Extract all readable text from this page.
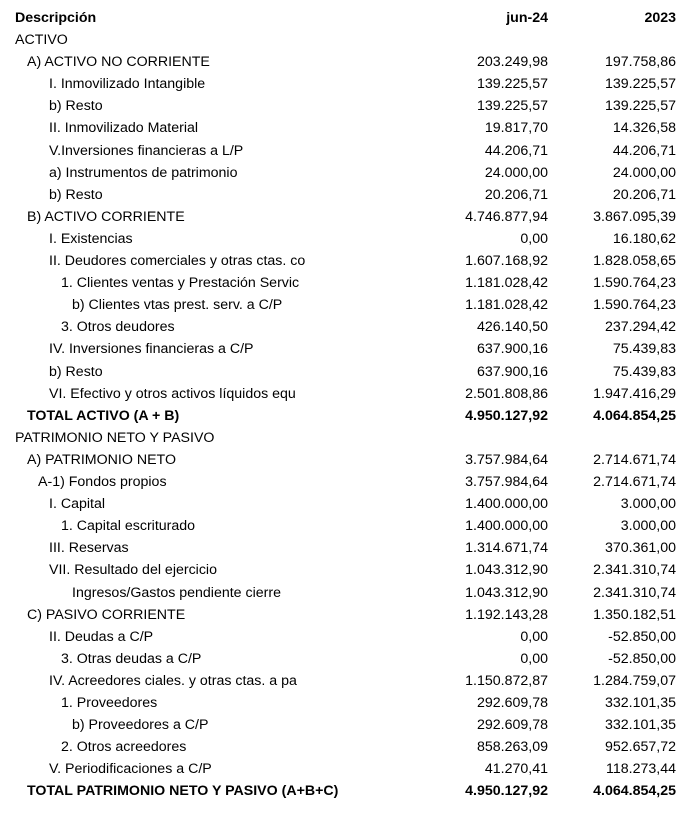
Descripción	jun-24	2023
ACTIVO
A) ACTIVO NO CORRIENTE	203.249,98	197.758,86
I. Inmovilizado Intangible	139.225,57	139.225,57
b) Resto	139.225,57	139.225,57
II. Inmovilizado Material	19.817,70	14.326,58
V.Inversiones financieras a L/P	44.206,71	44.206,71
a) Instrumentos de patrimonio	24.000,00	24.000,00
b) Resto	20.206,71	20.206,71
B) ACTIVO CORRIENTE	4.746.877,94	3.867.095,39
I. Existencias	0,00	16.180,62
II. Deudores comerciales y otras ctas. co	1.607.168,92	1.828.058,65
1. Clientes ventas y Prestación Servic	1.181.028,42	1.590.764,23
b) Clientes vtas prest. serv. a C/P	1.181.028,42	1.590.764,23
3. Otros deudores	426.140,50	237.294,42
IV. Inversiones financieras a C/P	637.900,16	75.439,83
b) Resto	637.900,16	75.439,83
VI. Efectivo y otros activos líquidos equ	2.501.808,86	1.947.416,29
TOTAL ACTIVO (A + B)	4.950.127,92	4.064.854,25
PATRIMONIO NETO Y PASIVO
A) PATRIMONIO NETO	3.757.984,64	2.714.671,74
A-1) Fondos propios	3.757.984,64	2.714.671,74
I. Capital	1.400.000,00	3.000,00
1. Capital escriturado	1.400.000,00	3.000,00
III. Reservas	1.314.671,74	370.361,00
VII. Resultado del ejercicio	1.043.312,90	2.341.310,74
Ingresos/Gastos pendiente cierre	1.043.312,90	2.341.310,74
C) PASIVO CORRIENTE	1.192.143,28	1.350.182,51
II. Deudas a C/P	0,00	-52.850,00
3. Otras deudas a C/P	0,00	-52.850,00
IV. Acreedores ciales. y otras ctas. a pa	1.150.872,87	1.284.759,07
1. Proveedores	292.609,78	332.101,35
b) Proveedores a C/P	292.609,78	332.101,35
2. Otros acreedores	858.263,09	952.657,72
V. Periodificaciones a C/P	41.270,41	118.273,44
TOTAL PATRIMONIO NETO Y PASIVO (A+B+C)	4.950.127,92	4.064.854,25
